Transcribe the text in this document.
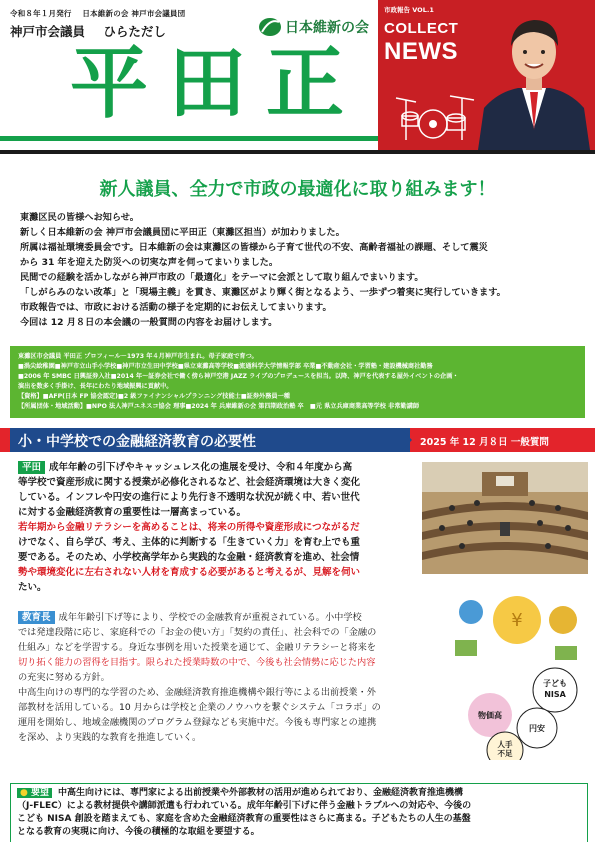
令和８年１月発行 日本維新の会 神戸市会議員団
神戸市会議員 ひらただし	日本維新の会
平田正
市政報告 VOL.1
COLLECT
NEWS
新人議員、全力で市政の最適化に取り組みます！

東灘区民の皆様へお知らせ。

新しく日本維新の会 神戸市会議員団に平田正（東灘区担当）が加わりました。

所属は福祉環境委員会です。日本維新の会は東灘区の皆様から子育て世代の不安、高齢者福祉の課題、そして震災

から 31 年を迎えた防災への切実な声を伺ってまいりました。

民間での経験を活かしながら神戸市政の「最適化」をテーマに会派として取り組んでまいります。

「しがらみのない改革」と「現場主義」を貫き、東灘区がより輝く街となるよう、一歩ずつ着実に実行していきます。

市政報告では、市政における活動の様子を定期的にお伝えしてまいります。

今回は 12 月８日の本会議の一般質問の内容をお届けします。

東灘区市会議員 平田正 プロフィール－1973 年４月神戸市生まれ。母子家庭で育つ。

■渦尖絵稚園■神戸市立山手小学校■神戸市立生田中学校■県立東灘高等学校■流通科学大学情報学部 卒業■不動産会社・学習塾・建設機械商社勤務

■2006 年 SMBC 日興証券入社■2014 年～証券会社で働く傍ら神戸空港 JAZZ ライブのプロデュースを担当。以降、神戸を代表する屋外イベントの企画・

演出を数多く手掛け、長年にわたり地域振興に貢献中。

【資格】■AFP(日本 FP 協会認定)■2 級ファイナンシャルプランニング技能士■証券外務員一種

【所属団体・地域活動】■NPO 法人神戸ユネスコ協会 理事■2024 年 兵庫維新の会 第四期政治塾 卒　■元 県立兵庫商業高等学校 非常勤講師

小・中学校での金融経済教育の必要性	2025 年 12 月８日 一般質問

平田 成年年齢の引下げやキャッシュレス化の進展を受け、令和４年度から高

等学校で資産形成に関する授業が必修化されるなど、社会経済環境は大きく変化

している。インフレや円安の進行により先行き不透明な状況が続く中、若い世代

に対する金融経済教育の重要性は一層高まっている。

若年期から金融リテラシーを高めることは、将来の所得や資産形成につながるだ

けでなく、自ら学び、考え、主体的に判断する「生きていく力」を育む上でも重

要である。そのため、小学校高学年から実践的な金融・経済教育を進め、社会情

勢や環境変化に左右されない人材を育成する必要があると考えるが、見解を伺い

たい。

教育長 成年年齢引下げ等により、学校での金融教育が重視されている。小中学校

では発達段階に応じ、家庭科での「お金の使い方」「契約の責任」、社会科での「金融の

仕組み」などを学習する。身近な事例を用いた授業を通じて、金融リテラシーと将来を

切り拓く能力の習得を目指す。限られた授業時数の中で、今後も社会情勢に応じた内容

の充実に努める方針。

中高生向けの専門的な学習のため、金融経済教育推進機構や銀行等による出前授業・外

部教材を活用している。10 月からは学校と企業のノウハウを繋ぐシステム「コラボ」の

運用を開始し、地域金融機関のプログラム登録なども実施中だ。今後も専門家との連携

を深め、より実践的な教育を推進していく。

¥
子ども
NISA
物価高
円安
人手
不足

● 要望 中高生向けには、専門家による出前授業や外部教材の活用が進められており、金融経済教育推進機構

（J-FLEC）による教材提供や講師派遣も行われている。成年年齢引下げに伴う金融トラブルへの対応や、今後の

こども NISA 創設を踏まえても、家庭を含めた金融経済教育の重要性はさらに高まる。子どもたちの人生の基盤

となる教育の実現に向け、今後の積極的な取組を要望する。
